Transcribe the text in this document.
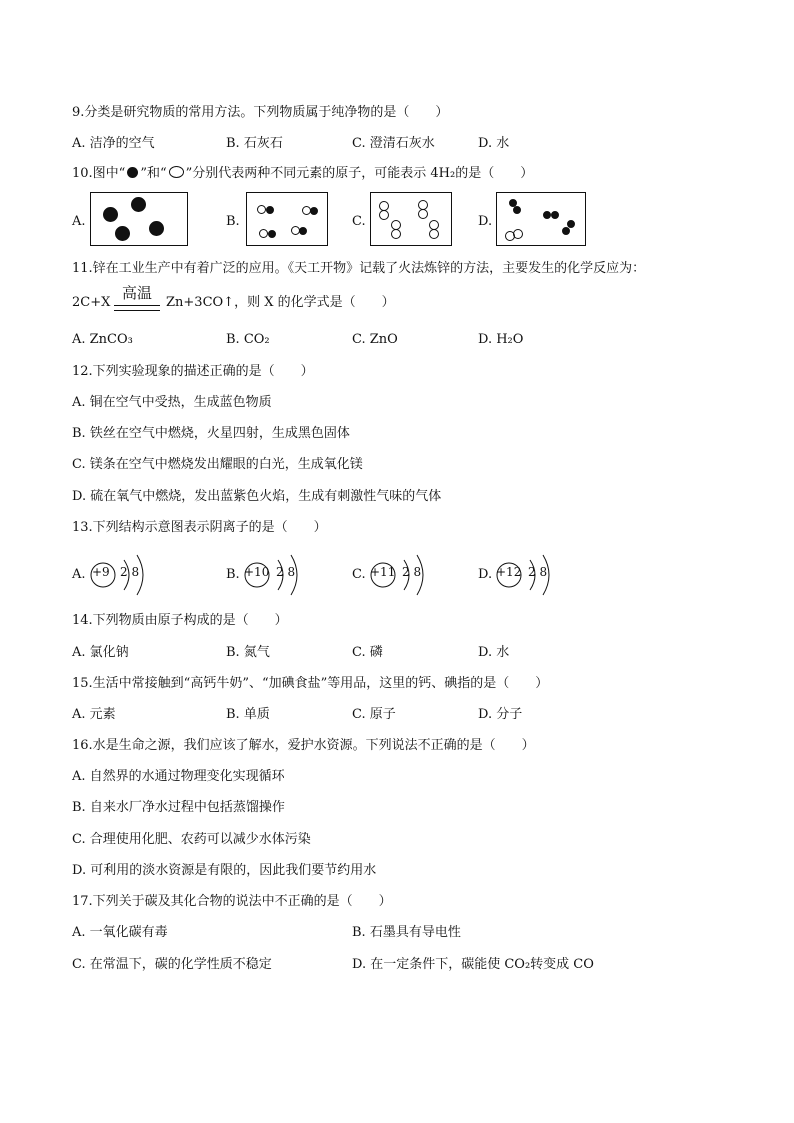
9.分类是研究物质的常用方法。下列物质属于纯净物的是（　　）
A. 洁净的空气	B. 石灰石	C. 澄清石灰水	D. 水
10.图中“ ”和“ ”分别代表两种不同元素的原子，可能表示 4H₂的是（　　）
A.	B.	C.	D.
11.锌在工业生产中有着广泛的应用。《天工开物》记载了火法炼锌的方法，主要发生的化学反应为：
2C+X
高温
Zn+3CO↑，则 X 的化学式是（　　）
A. ZnCO₃	B. CO₂	C. ZnO	D. H₂O
12.下列实验现象的描述正确的是（　　）
A. 铜在空气中受热，生成蓝色物质
B. 铁丝在空气中燃烧，火星四射，生成黑色固体
C. 镁条在空气中燃烧发出耀眼的白光，生成氧化镁
D. 硫在氧气中燃烧，发出蓝紫色火焰，生成有刺激性气味的气体
13.下列结构示意图表示阴离子的是（　　）
A. +9 2 8	B. +10 2 8	C. +11 2 8	D. +12 2 8
14.下列物质由原子构成的是（　　）
A. 氯化钠	B. 氮气	C. 磷	D. 水
15.生活中常接触到“高钙牛奶”、“加碘食盐”等用品，这里的钙、碘指的是（　　）
A. 元素	B. 单质	C. 原子	D. 分子
16.水是生命之源，我们应该了解水，爱护水资源。下列说法不正确的是（　　）
A. 自然界的水通过物理变化实现循环
B. 自来水厂净水过程中包括蒸馏操作
C. 合理使用化肥、农药可以减少水体污染
D. 可利用的淡水资源是有限的，因此我们要节约用水
17.下列关于碳及其化合物的说法中不正确的是（　　）
A. 一氧化碳有毒	B. 石墨具有导电性
C. 在常温下，碳的化学性质不稳定	D. 在一定条件下，碳能使 CO₂转变成 CO
